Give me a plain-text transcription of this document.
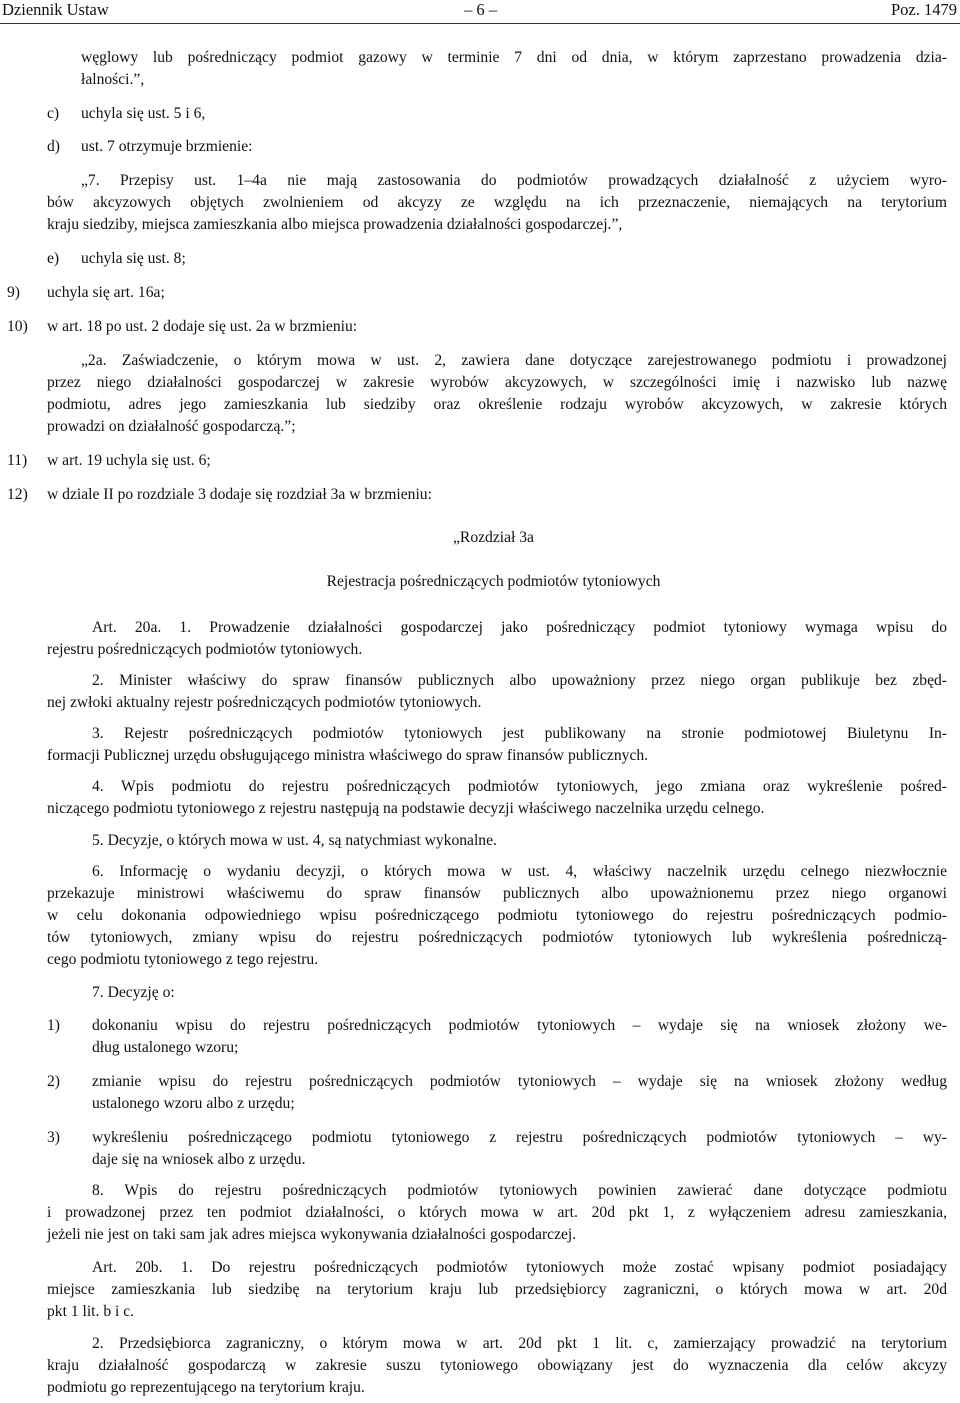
Dziennik Ustaw	– 6 –	Poz. 1479
węglowy lub pośredniczący podmiot gazowy w terminie 7 dni od dnia, w którym zaprzestano prowadzenia dzia-
łalności.”,
c) uchyla się ust. 5 i 6,
d) ust. 7 otrzymuje brzmienie:
„7. Przepisy ust. 1–4a nie mają zastosowania do podmiotów prowadzących działalność z użyciem wyro-
bów akcyzowych objętych zwolnieniem od akcyzy ze względu na ich przeznaczenie, niemających na terytorium
kraju siedziby, miejsca zamieszkania albo miejsca prowadzenia działalności gospodarczej.”,
e) uchyla się ust. 8;
9) uchyla się art. 16a;
10) w art. 18 po ust. 2 dodaje się ust. 2a w brzmieniu:
„2a. Zaświadczenie, o którym mowa w ust. 2, zawiera dane dotyczące zarejestrowanego podmiotu i prowadzonej
przez niego działalności gospodarczej w zakresie wyrobów akcyzowych, w szczególności imię i nazwisko lub nazwę
podmiotu, adres jego zamieszkania lub siedziby oraz określenie rodzaju wyrobów akcyzowych, w zakresie których
prowadzi on działalność gospodarczą.”;
11) w art. 19 uchyla się ust. 6;
12) w dziale II po rozdziale 3 dodaje się rozdział 3a w brzmieniu:
„Rozdział 3a
Rejestracja pośredniczących podmiotów tytoniowych
Art. 20a. 1. Prowadzenie działalności gospodarczej jako pośredniczący podmiot tytoniowy wymaga wpisu do
rejestru pośredniczących podmiotów tytoniowych.
2. Minister właściwy do spraw finansów publicznych albo upoważniony przez niego organ publikuje bez zbęd-
nej zwłoki aktualny rejestr pośredniczących podmiotów tytoniowych.
3. Rejestr pośredniczących podmiotów tytoniowych jest publikowany na stronie podmiotowej Biuletynu In-
formacji Publicznej urzędu obsługującego ministra właściwego do spraw finansów publicznych.
4. Wpis podmiotu do rejestru pośredniczących podmiotów tytoniowych, jego zmiana oraz wykreślenie pośred-
niczącego podmiotu tytoniowego z rejestru następują na podstawie decyzji właściwego naczelnika urzędu celnego.
5. Decyzje, o których mowa w ust. 4, są natychmiast wykonalne.
6. Informację o wydaniu decyzji, o których mowa w ust. 4, właściwy naczelnik urzędu celnego niezwłocznie
przekazuje ministrowi właściwemu do spraw finansów publicznych albo upoważnionemu przez niego organowi
w celu dokonania odpowiedniego wpisu pośredniczącego podmiotu tytoniowego do rejestru pośredniczących podmio-
tów tytoniowych, zmiany wpisu do rejestru pośredniczących podmiotów tytoniowych lub wykreślenia pośredniczą-
cego podmiotu tytoniowego z tego rejestru.
7. Decyzję o:
1) dokonaniu wpisu do rejestru pośredniczących podmiotów tytoniowych – wydaje się na wniosek złożony we-
dług ustalonego wzoru;
2) zmianie wpisu do rejestru pośredniczących podmiotów tytoniowych – wydaje się na wniosek złożony według
ustalonego wzoru albo z urzędu;
3) wykreśleniu pośredniczącego podmiotu tytoniowego z rejestru pośredniczących podmiotów tytoniowych – wy-
daje się na wniosek albo z urzędu.
8. Wpis do rejestru pośredniczących podmiotów tytoniowych powinien zawierać dane dotyczące podmiotu
i prowadzonej przez ten podmiot działalności, o których mowa w art. 20d pkt 1, z wyłączeniem adresu zamieszkania,
jeżeli nie jest on taki sam jak adres miejsca wykonywania działalności gospodarczej.
Art. 20b. 1. Do rejestru pośredniczących podmiotów tytoniowych może zostać wpisany podmiot posiadający
miejsce zamieszkania lub siedzibę na terytorium kraju lub przedsiębiorcy zagraniczni, o których mowa w art. 20d
pkt 1 lit. b i c.
2. Przedsiębiorca zagraniczny, o którym mowa w art. 20d pkt 1 lit. c, zamierzający prowadzić na terytorium
kraju działalność gospodarczą w zakresie suszu tytoniowego obowiązany jest do wyznaczenia dla celów akcyzy
podmiotu go reprezentującego na terytorium kraju.
